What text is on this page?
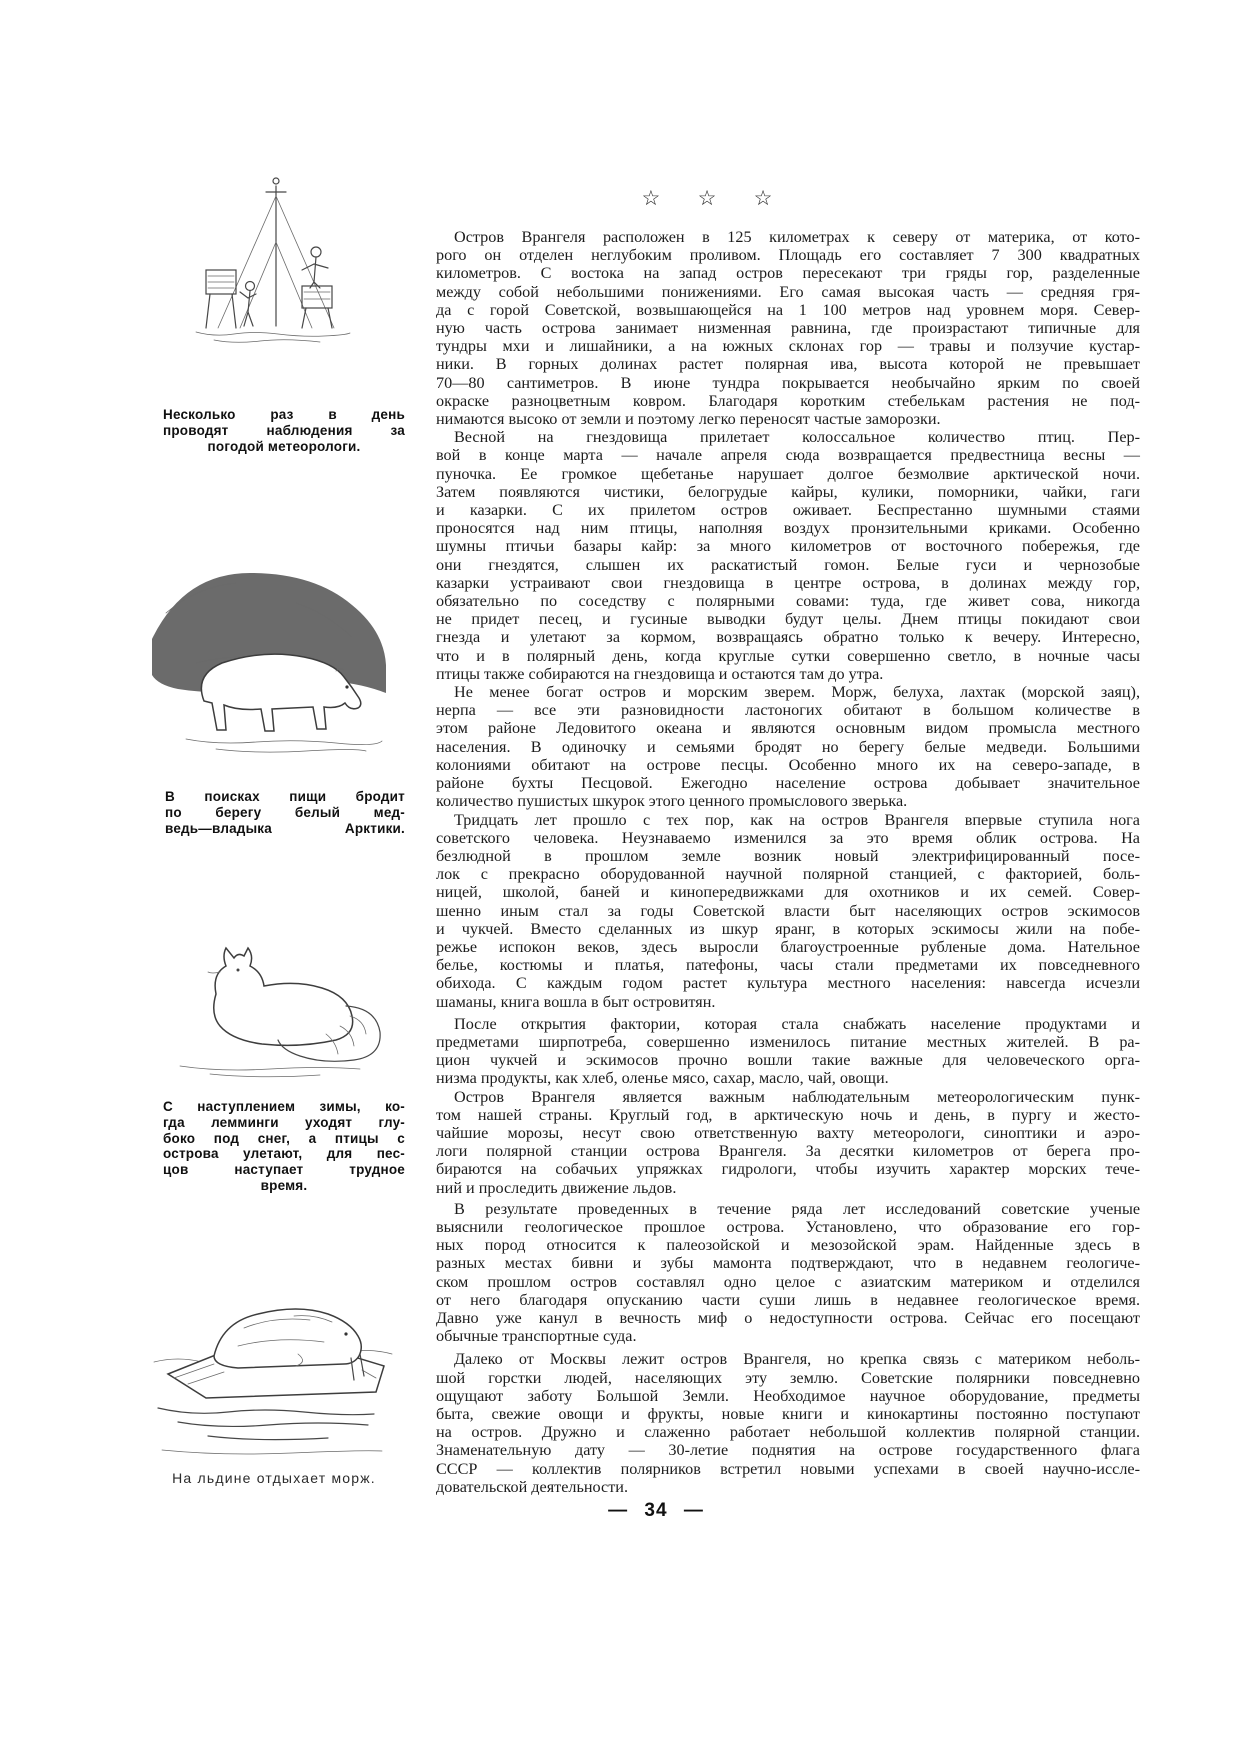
☆ ☆ ☆
Несколько раз в день
проводят наблюдения за
погодой метеорологи.
В поисках пищи бродит
по берегу белый мед-
ведь—владыка Арктики.
С наступлением зимы, ко-
гда лемминги уходят глу-
боко под снег, а птицы с
острова улетают, для пес-
цов наступает трудное
время.
На льдине отдыхает морж.
Остров Врангеля расположен в 125 километрах к северу от материка, от кото-
рого он отделен неглубоким проливом. Площадь его составляет 7 300 квадратных
километров. С востока на запад остров пересекают три гряды гор, разделенные
между собой небольшими понижениями. Его самая высокая часть — средняя гря-
да с горой Советской, возвышающейся на 1 100 метров над уровнем моря. Север-
ную часть острова занимает низменная равнина, где произрастают типичные для
тундры мхи и лишайники, а на южных склонах гор — травы и ползучие кустар-
ники. В горных долинах растет полярная ива, высота которой не превышает
70—80 сантиметров. В июне тундра покрывается необычайно ярким по своей
окраске разноцветным ковром. Благодаря коротким стебелькам растения не под-
нимаются высоко от земли и поэтому легко переносят частые заморозки.
Весной на гнездовища прилетает колоссальное количество птиц. Пер-
вой в конце марта — начале апреля сюда возвращается предвестница весны —
пуночка. Ее громкое щебетанье нарушает долгое безмолвие арктической ночи.
Затем появляются чистики, белогрудые кайры, кулики, поморники, чайки, гаги
и казарки. С их прилетом остров оживает. Беспрестанно шумными стаями
проносятся над ним птицы, наполняя воздух пронзительными криками. Особенно
шумны птичьи базары кайр: за много километров от восточного побережья, где
они гнездятся, слышен их раскатистый гомон. Белые гуси и чернозобые
казарки устраивают свои гнездовища в центре острова, в долинах между гор,
обязательно по соседству с полярными совами: туда, где живет сова, никогда
не придет песец, и гусиные выводки будут целы. Днем птицы покидают свои
гнезда и улетают за кормом, возвращаясь обратно только к вечеру. Интересно,
что и в полярный день, когда круглые сутки совершенно светло, в ночные часы
птицы также собираются на гнездовища и остаются там до утра.
Не менее богат остров и морским зверем. Морж, белуха, лахтак (морской заяц),
нерпа — все эти разновидности ластоногих обитают в большом количестве в
этом районе Ледовитого океана и являются основным видом промысла местного
населения. В одиночку и семьями бродят но берегу белые медведи. Большими
колониями обитают на острове песцы. Особенно много их на северо-западе, в
районе бухты Песцовой. Ежегодно население острова добывает значительное
количество пушистых шкурок этого ценного промыслового зверька.
Тридцать лет прошло с тех пор, как на остров Врангеля впервые ступила нога
советского человека. Неузнаваемо изменился за это время облик острова. На
безлюдной в прошлом земле возник новый электрифицированный посе-
лок с прекрасно оборудованной научной полярной станцией, с факторией, боль-
ницей, школой, баней и кинопередвижками для охотников и их семей. Совер-
шенно иным стал за годы Советской власти быт населяющих остров эскимосов
и чукчей. Вместо сделанных из шкур яранг, в которых эскимосы жили на побе-
режье испокон веков, здесь выросли благоустроенные рубленые дома. Нательное
белье, костюмы и платья, патефоны, часы стали предметами их повседневного
обихода. С каждым годом растет культура местного населения: навсегда исчезли
шаманы, книга вошла в быт островитян.
После открытия фактории, которая стала снабжать население продуктами и
предметами ширпотреба, совершенно изменилось питание местных жителей. В ра-
цион чукчей и эскимосов прочно вошли такие важные для человеческого орга-
низма продукты, как хлеб, оленье мясо, сахар, масло, чай, овощи.
Остров Врангеля является важным наблюдательным метеорологическим пунк-
том нашей страны. Круглый год, в арктическую ночь и день, в пургу и жесто-
чайшие морозы, несут свою ответственную вахту метеорологи, синоптики и аэро-
логи полярной станции острова Врангеля. За десятки километров от берега про-
бираются на собачьих упряжках гидрологи, чтобы изучить характер морских тече-
ний и проследить движение льдов.
В результате проведенных в течение ряда лет исследований советские ученые
выяснили геологическое прошлое острова. Установлено, что образование его гор-
ных пород относится к палеозойской и мезозойской эрам. Найденные здесь в
разных местах бивни и зубы мамонта подтверждают, что в недавнем геологиче-
ском прошлом остров составлял одно целое с азиатским материком и отделился
от него благодаря опусканию части суши лишь в недавнее геологическое время.
Давно уже канул в вечность миф о недоступности острова. Сейчас его посещают
обычные транспортные суда.
Далеко от Москвы лежит остров Врангеля, но крепка связь с материком неболь-
шой горстки людей, населяющих эту землю. Советские полярники повседневно
ощущают заботу Большой Земли. Необходимое научное оборудование, предметы
быта, свежие овощи и фрукты, новые книги и кинокартины постоянно поступают
на остров. Дружно и слаженно работает небольшой коллектив полярной станции.
Знаменательную дату — 30-летие поднятия на острове государственного флага
СССР — коллектив полярников встретил новыми успехами в своей научно-иссле-
довательской деятельности.
— 34 —
